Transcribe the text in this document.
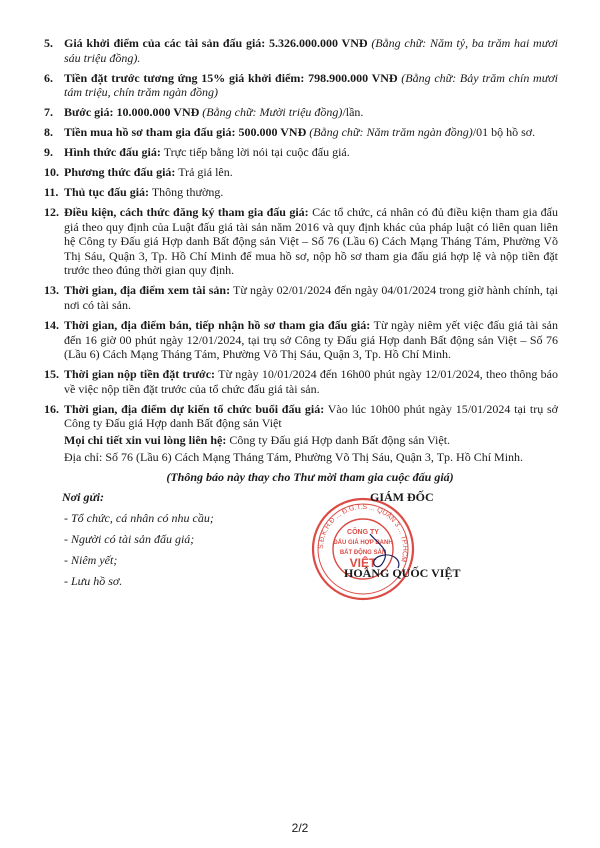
5. Giá khởi điểm của các tài sản đấu giá: 5.326.000.000 VNĐ (Bằng chữ: Năm tỷ, ba trăm hai mươi sáu triệu đồng).
6. Tiền đặt trước tương ứng 15% giá khởi điểm: 798.900.000 VNĐ (Bằng chữ: Bảy trăm chín mươi tám triệu, chín trăm ngàn đồng)
7. Bước giá: 10.000.000 VNĐ (Bằng chữ: Mười triệu đồng)/lần.
8. Tiền mua hồ sơ tham gia đấu giá: 500.000 VNĐ (Bằng chữ: Năm trăm ngàn đồng)/01 bộ hồ sơ.
9. Hình thức đấu giá: Trực tiếp bằng lời nói tại cuộc đấu giá.
10. Phương thức đấu giá: Trả giá lên.
11. Thủ tục đấu giá: Thông thường.
12. Điều kiện, cách thức đăng ký tham gia đấu giá: Các tổ chức, cá nhân có đủ điều kiện tham gia đấu giá theo quy định của Luật đấu giá tài sản năm 2016 và quy định khác của pháp luật có liên quan liên hệ Công ty Đấu giá Hợp danh Bất động sản Việt – Số 76 (Lầu 6) Cách Mạng Tháng Tám, Phường Võ Thị Sáu, Quận 3, Tp. Hồ Chí Minh để mua hồ sơ, nộp hồ sơ tham gia đấu giá hợp lệ và nộp tiền đặt trước theo đúng thời gian quy định.
13. Thời gian, địa điểm xem tài sản: Từ ngày 02/01/2024 đến ngày 04/01/2024 trong giờ hành chính, tại nơi có tài sản.
14. Thời gian, địa điểm bán, tiếp nhận hồ sơ tham gia đấu giá: Từ ngày niêm yết việc đấu giá tài sản đến 16 giờ 00 phút ngày 12/01/2024, tại trụ sở Công ty Đấu giá Hợp danh Bất động sản Việt – Số 76 (Lầu 6) Cách Mạng Tháng Tám, Phường Võ Thị Sáu, Quận 3, Tp. Hồ Chí Minh.
15. Thời gian nộp tiền đặt trước: Từ ngày 10/01/2024 đến 16h00 phút ngày 12/01/2024, theo thông báo về việc nộp tiền đặt trước của tổ chức đấu giá tài sản.
16. Thời gian, địa điểm dự kiến tổ chức buổi đấu giá: Vào lúc 10h00 phút ngày 15/01/2024 tại trụ sở Công ty Đấu giá Hợp danh Bất động sản Việt
Mọi chi tiết xin vui lòng liên hệ: Công ty Đấu giá Hợp danh Bất động sản Việt.
Địa chỉ: Số 76 (Lầu 6) Cách Mạng Tháng Tám, Phường Võ Thị Sáu, Quận 3, Tp. Hồ Chí Minh.
(Thông báo này thay cho Thư mời tham gia cuộc đấu giá)
Nơi gửi:
- Tổ chức, cá nhân có nhu cầu;
- Người có tài sản đấu giá;
- Niêm yết;
- Lưu hồ sơ.
S.Đ.K.H.Đ ... Đ.G.T.S ... QUẬN 3 ... TP.HCM
CÔNG TY
ĐẤU GIÁ HỢP DANH
BẤT ĐỘNG SẢN
VIỆT
GIÁM ĐỐC
HOÀNG QUỐC VIỆT
2/2
